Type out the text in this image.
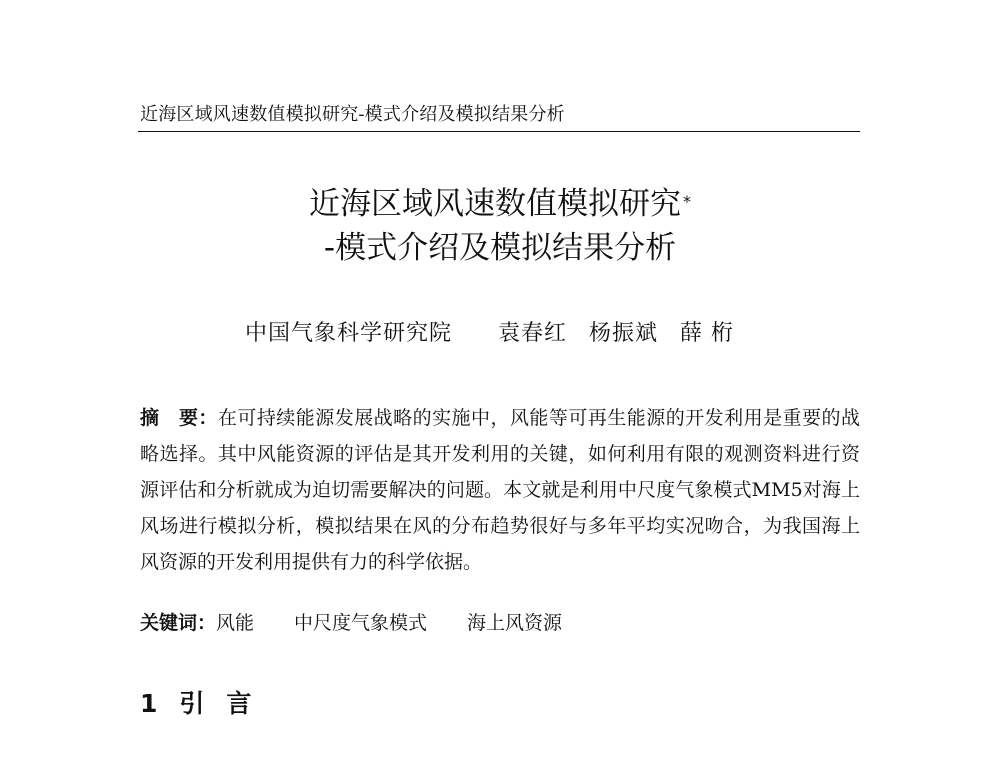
近海区域风速数值模拟研究-模式介绍及模拟结果分析
近海区域风速数值模拟研究 *
-模式介绍及模拟结果分析
中国气象科学研究院 袁春红 杨振斌 薛 桁
摘　要：在可持续能源发展战略的实施中，风能等可再生能源的开发利用是重要的战略选择。其中风能资源的评估是其开发利用的关键，如何利用有限的观测资料进行资源评估和分析就成为迫切需要解决的问题。本文就是利用中尺度气象模式MM5对海上风场进行模拟分析，模拟结果在风的分布趋势很好与多年平均实况吻合，为我国海上风资源的开发利用提供有力的科学依据。
关键词：风能 中尺度气象模式 海上风资源
1 引言
